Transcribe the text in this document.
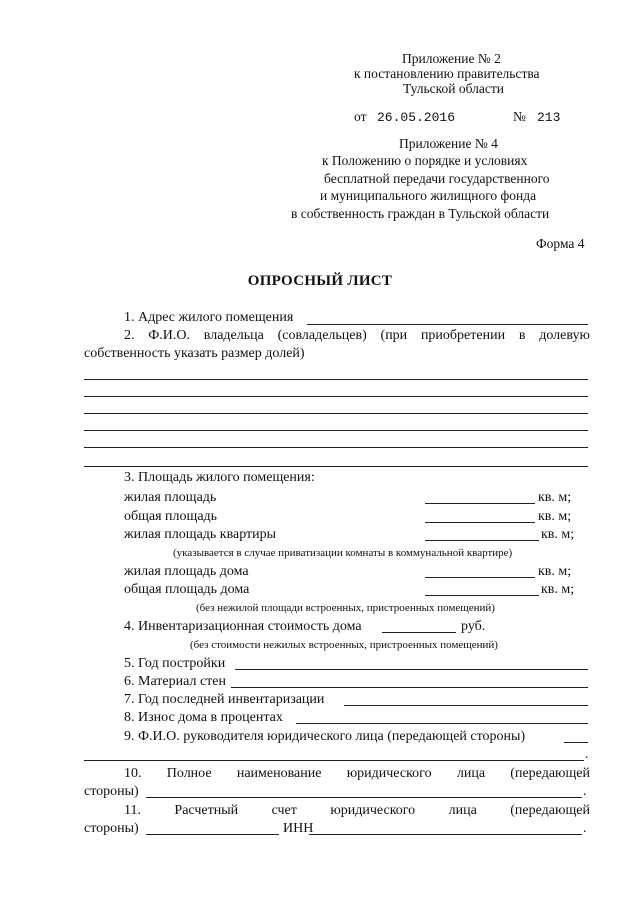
Приложение № 2
к постановлению правительства
Тульской области
от 26.05.2016	№ 213
Приложение № 4
к Положению о порядке и условиях
бесплатной передачи государственного
и муниципального жилищного фонда
в собственность граждан в Тульской области
Форма 4
ОПРОСНЫЙ ЛИСТ
1. Адрес жилого помещения
2. Ф.И.О. владельца (совладельцев) (при приобретении в долевую
собственность указать размер долей)
3. Площадь жилого помещения:
жилая площадь	кв. м;
общая площадь	кв. м;
жилая площадь квартиры	кв. м;
(указывается в случае приватизации комнаты в коммунальной квартире)
жилая площадь дома	кв. м;
общая площадь дома	кв. м;
(без нежилой площади встроенных, пристроенных помещений)
4. Инвентаризационная стоимость дома	руб.
(без стоимости нежилых встроенных, пристроенных помещений)
5. Год постройки
6. Материал стен
7. Год последней инвентаризации
8. Износ дома в процентах
9. Ф.И.О. руководителя юридического лица (передающей стороны)
.
10. Полное наименование юридического лица (передающей
стороны)	.
11. Расчетный счет юридического лица (передающей
стороны)	ИНН	.
